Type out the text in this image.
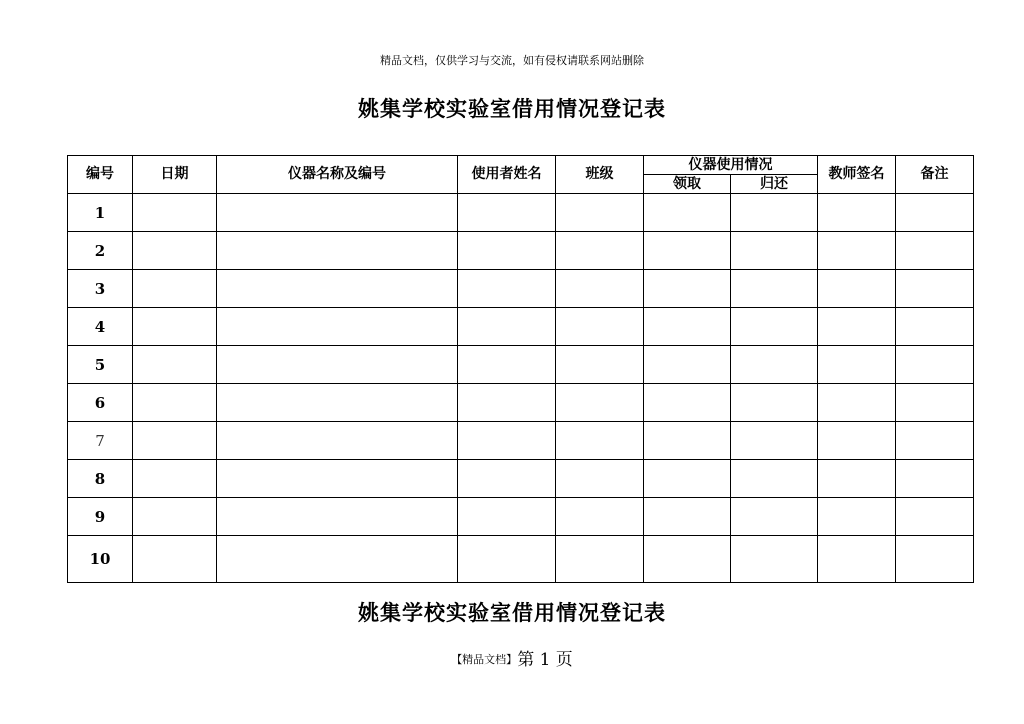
精品文档，仅供学习与交流，如有侵权请联系网站删除
姚集学校实验室借用情况登记表
编号	日期	仪器名称及编号	使用者姓名	班级	仪器使用情况		教师签名	备注
					领取	归还		
1								
2								
3								
4								
5								
6								
7								
8								
9								
10								
姚集学校实验室借用情况登记表
【精品文档】第 1 页
